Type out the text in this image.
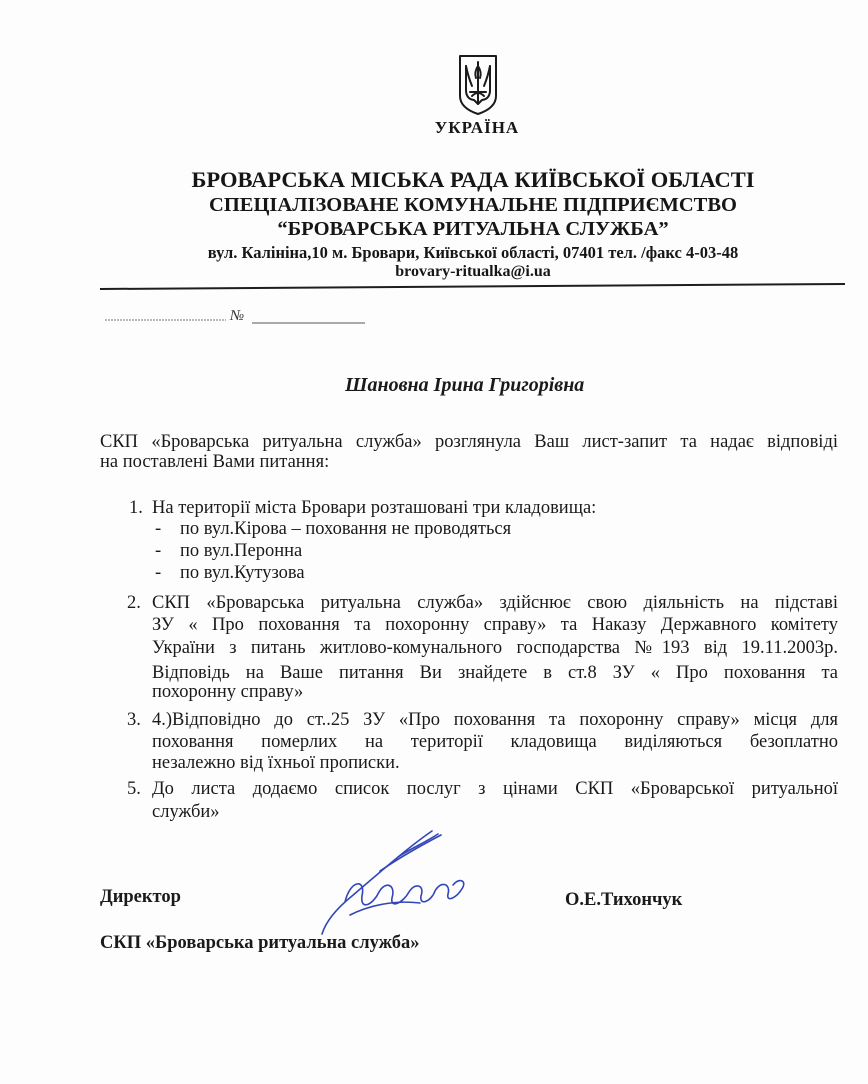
УКРАЇНА
БРОВАРСЬКА МІСЬКА РАДА КИЇВСЬКОЇ ОБЛАСТІ
СПЕЦІАЛІЗОВАНЕ КОМУНАЛЬНЕ ПІДПРИЄМСТВО
“БРОВАРСЬКА РИТУАЛЬНА СЛУЖБА”
вул. Калініна,10 м. Бровари, Київської області, 07401 тел. /факс 4-03-48
brovary-ritualka@i.ua
№
Шановна Ірина Григорівна
СКП «Броварська ритуальна служба» розглянула Ваш лист-запит та надає відповіді
на поставлені Вами питання:
1. На території міста Бровари розташовані три кладовища:
- по вул.Кірова – поховання не проводяться
- по вул.Перонна
- по вул.Кутузова
2. СКП «Броварська ритуальна служба» здійснює свою діяльність на підставі
ЗУ « Про поховання та похоронну справу» та Наказу Державного комітету
України з питань житлово-комунального господарства №193 від 19.11.2003р.
Відповідь на Ваше питання Ви знайдете в ст.8 ЗУ « Про поховання та
похоронну справу»
3. 4.)Відповідно до ст..25 ЗУ «Про поховання та похоронну справу» місця для
поховання померлих на території кладовища виділяються безоплатно
незалежно від їхньої прописки.
5. До листа додаємо список послуг з цінами СКП «Броварської ритуальної
служби»
Директор	О.Е.Тихончук
СКП «Броварська ритуальна служба»
